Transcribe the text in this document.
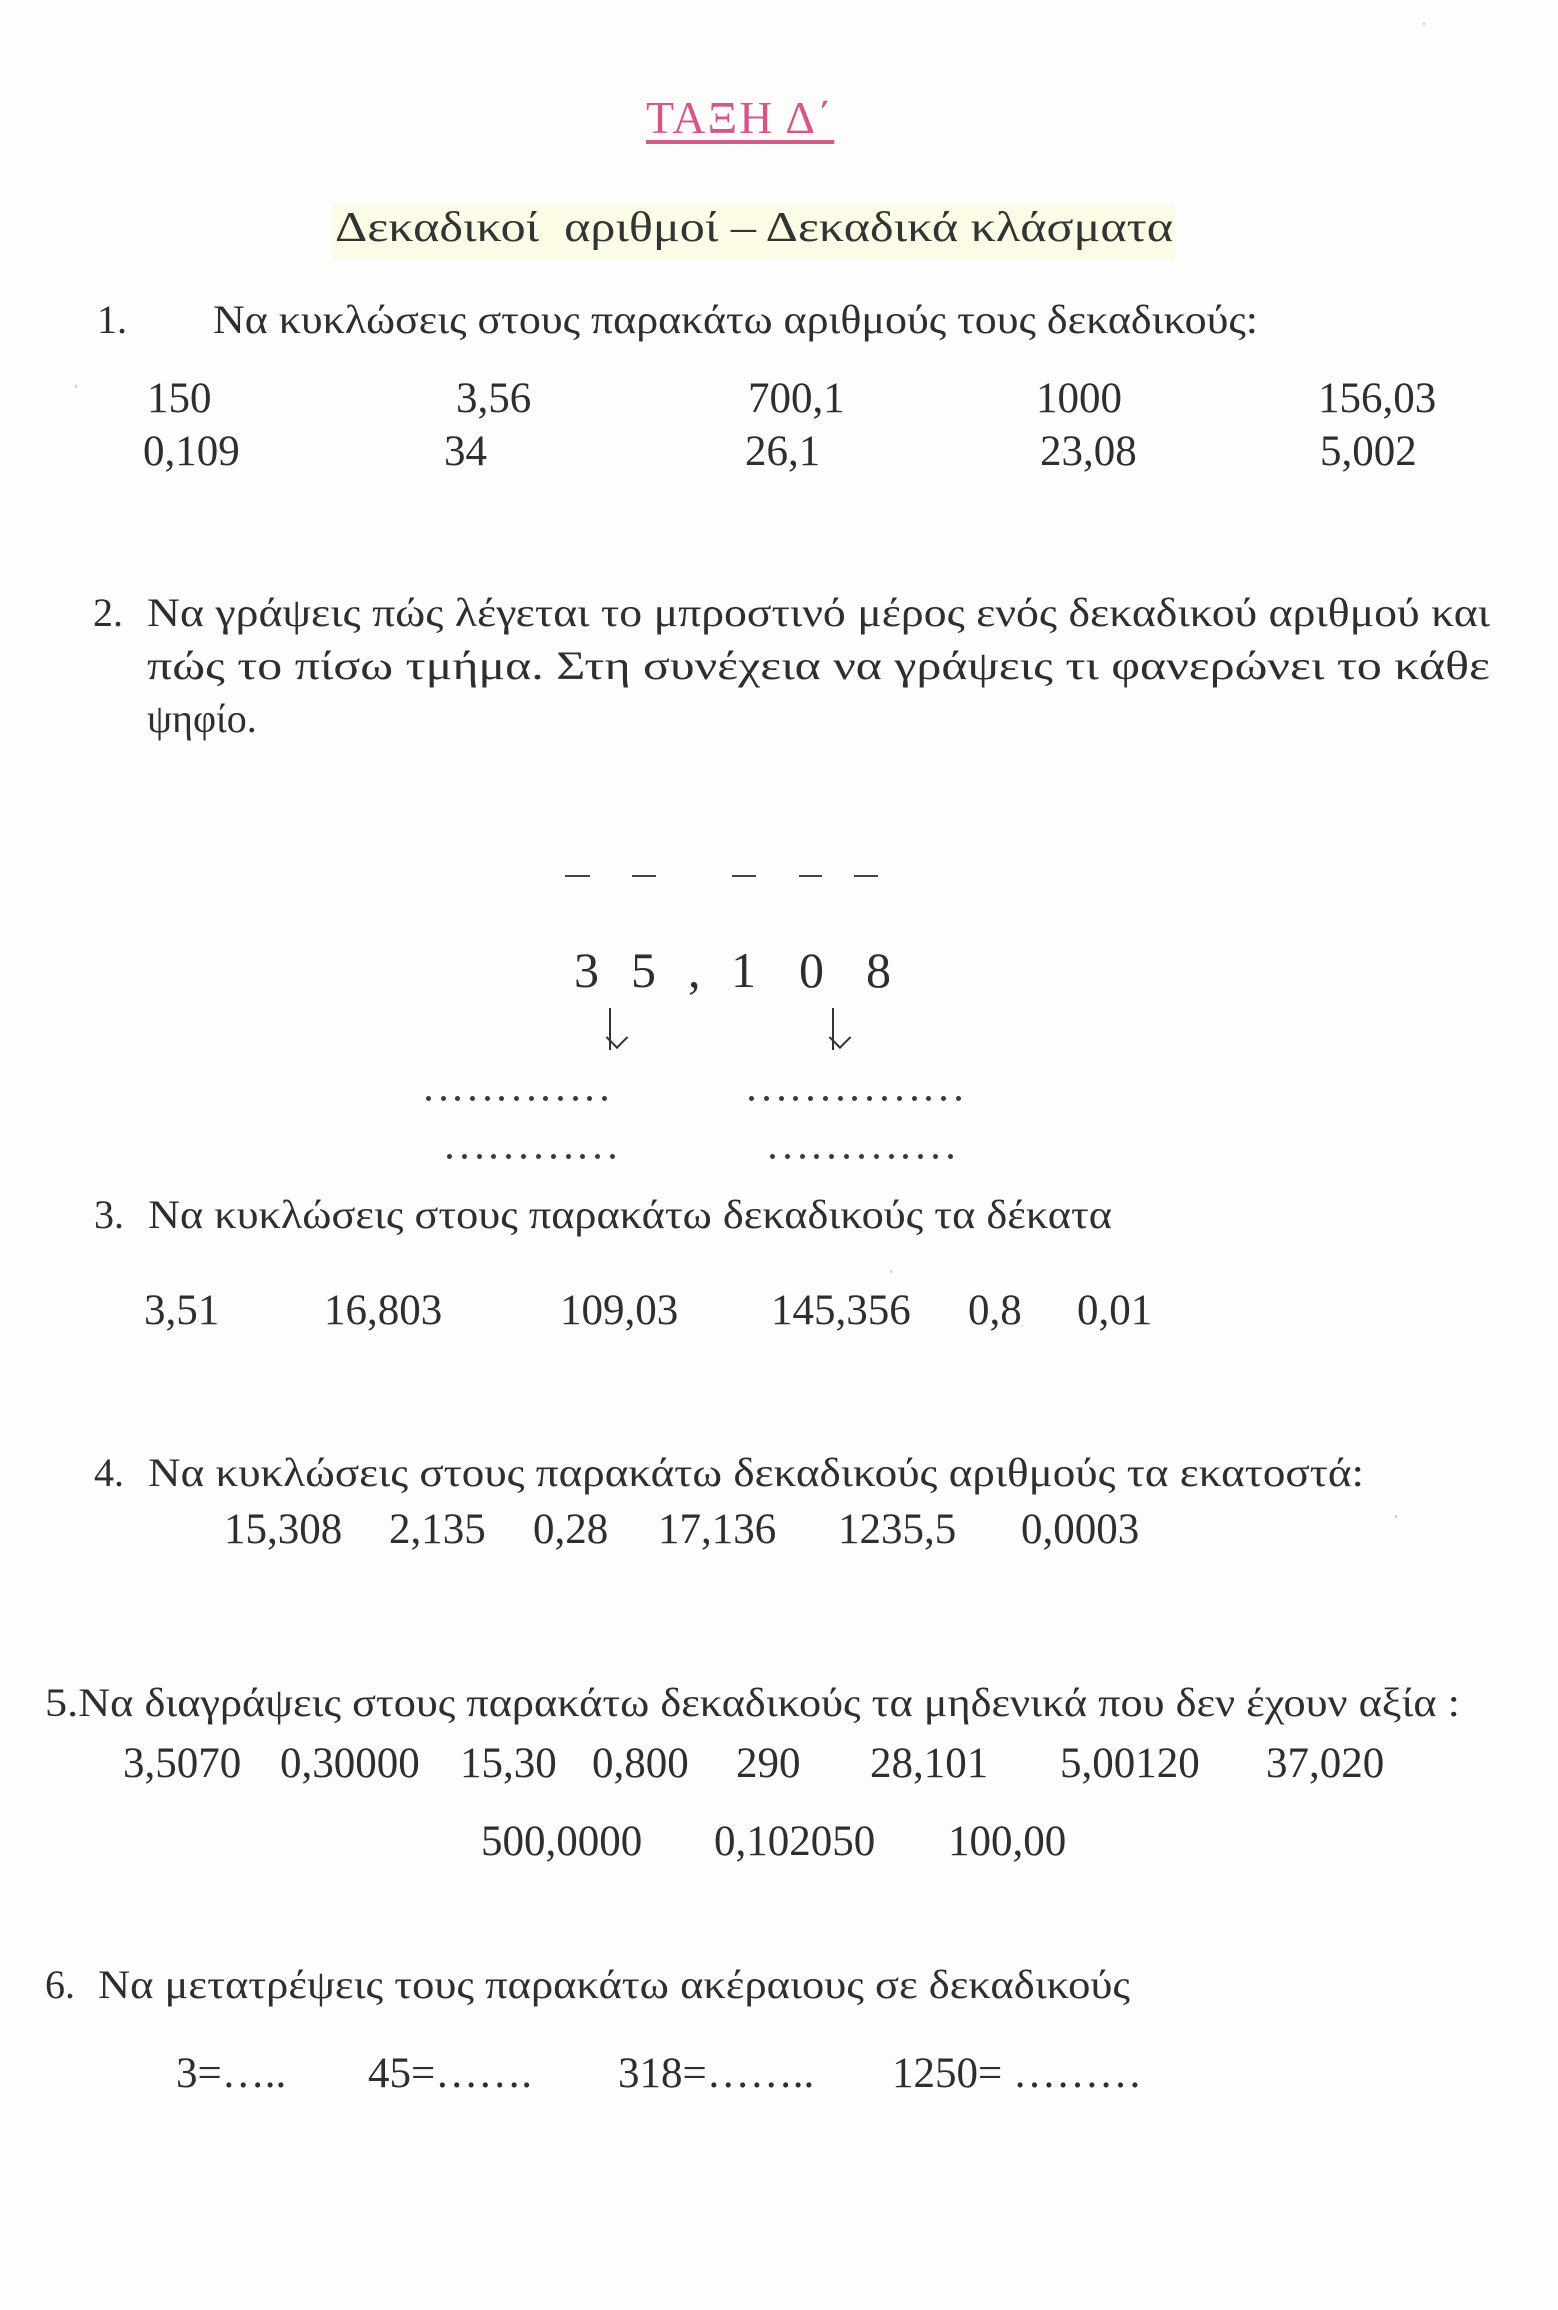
ΤΑΞΗ Δ΄
Δεκαδικοί  αριθμοί – Δεκαδικά κλάσματα
1. Να κυκλώσεις στους παρακάτω αριθμούς τους δεκαδικούς:
150	3,56	700,1	1000	156,03
0,109	34	26,1	23,08	5,002
2. Να γράψεις πώς λέγεται το μπροστινό μέρος ενός δεκαδικού αριθμού και
πώς το πίσω τμήμα. Στη συνέχεια να γράψεις τι φανερώνει το κάθε
ψηφίο.
3 5 , 1 0 8
3. Να κυκλώσεις στους παρακάτω δεκαδικούς τα δέκατα
3,51 16,803	109,03 145,356 0,8 0,01
4. Να κυκλώσεις στους παρακάτω δεκαδικούς αριθμούς τα εκατοστά:
15,308 2,135 0,28 17,136 1235,5 0,0003
5.Να διαγράψεις στους παρακάτω δεκαδικούς τα μηδενικά που δεν έχουν αξία :
3,5070 0,30000 15,30 0,800 290 28,101 5,00120 37,020
500,0000 0,102050 100,00
6. Να μετατρέψεις τους παρακάτω ακέραιους σε δεκαδικούς
3=….. 45=……. 318=…….. 1250= ………
